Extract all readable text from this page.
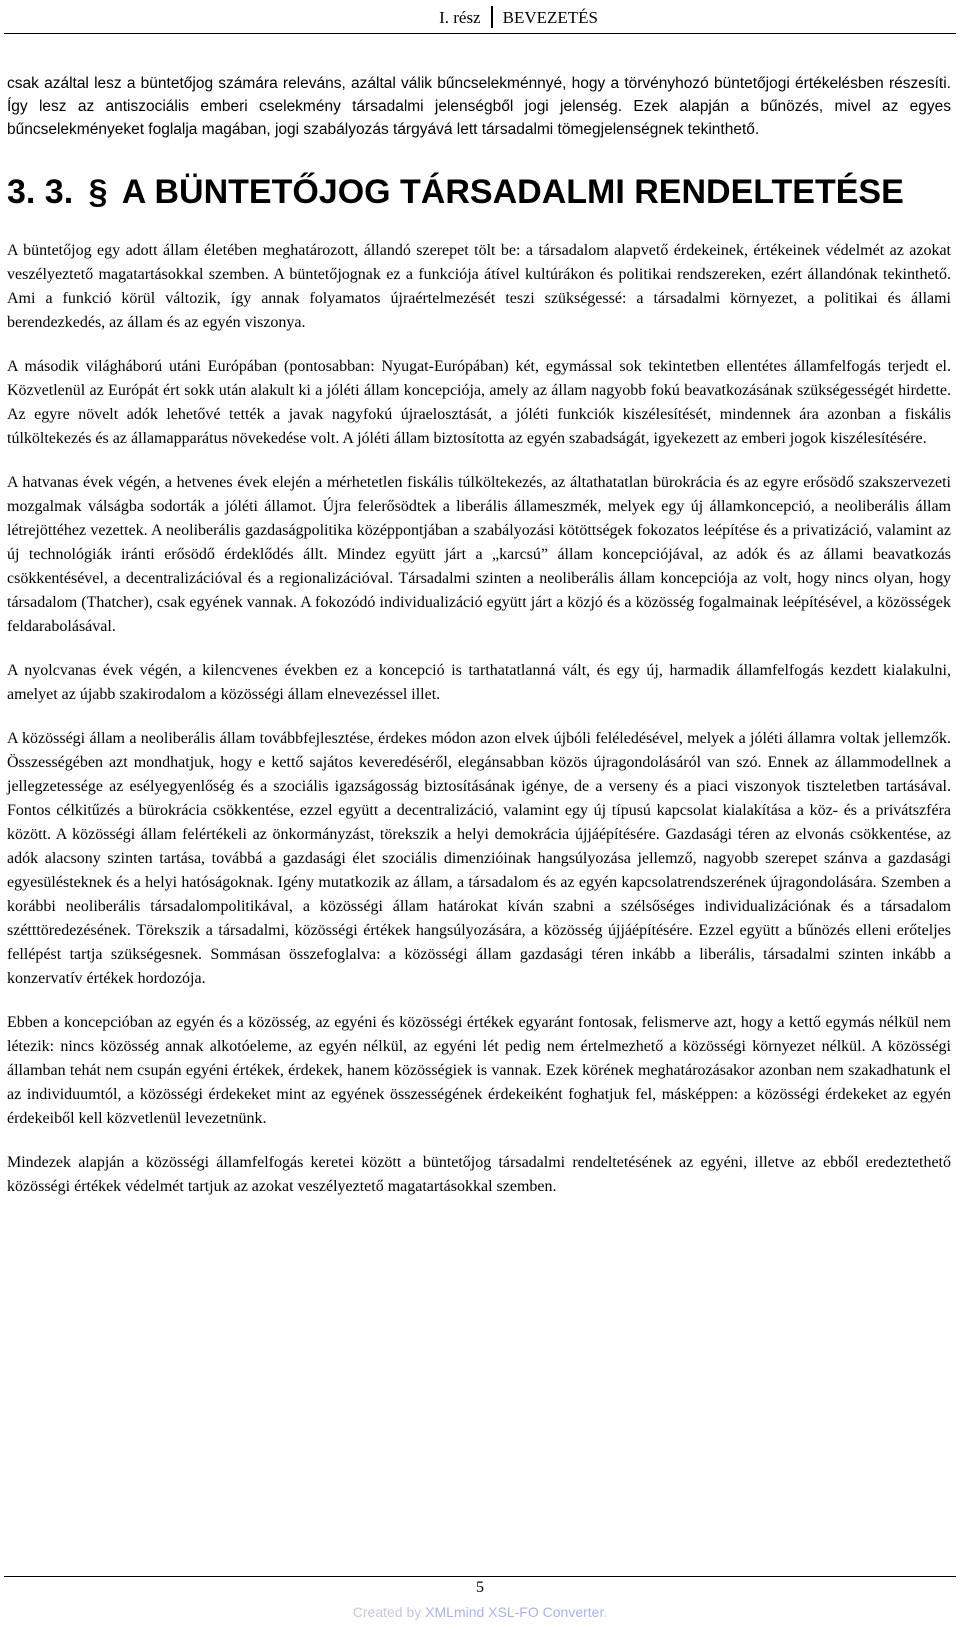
I. rész BEVEZETÉS

csak azáltal lesz a büntetőjog számára releváns, azáltal válik bűncselekménnyé, hogy a törvényhozó büntetőjogi értékelésben részesíti. Így lesz az antiszociális emberi cselekmény társadalmi jelenségből jogi jelenség. Ezek alapján a bűnözés, mivel az egyes bűncselekményeket foglalja magában, jogi szabályozás tárgyává lett társadalmi tömegjelenségnek tekinthető.

3. 3. § A BÜNTETŐJOG TÁRSADALMI RENDELTETÉSE

A büntetőjog egy adott állam életében meghatározott, állandó szerepet tölt be: a társadalom alapvető érdekeinek, értékeinek védelmét az azokat veszélyeztető magatartásokkal szemben. A büntetőjognak ez a funkciója átível kultúrákon és politikai rendszereken, ezért állandónak tekinthető. Ami a funkció körül változik, így annak folyamatos újraértelmezését teszi szükségessé: a társadalmi környezet, a politikai és állami berendezkedés, az állam és az egyén viszonya.

A második világháború utáni Európában (pontosabban: Nyugat-Európában) két, egymással sok tekintetben ellentétes államfelfogás terjedt el. Közvetlenül az Európát ért sokk után alakult ki a jóléti állam koncepciója, amely az állam nagyobb fokú beavatkozásának szükségességét hirdette. Az egyre növelt adók lehetővé tették a javak nagyfokú újraelosztását, a jóléti funkciók kiszélesítését, mindennek ára azonban a fiskális túlköltekezés és az államapparátus növekedése volt. A jóléti állam biztosította az egyén szabadságát, igyekezett az emberi jogok kiszélesítésére.

A hatvanas évek végén, a hetvenes évek elején a mérhetetlen fiskális túlköltekezés, az áltathatatlan bürokrácia és az egyre erősödő szakszervezeti mozgalmak válságba sodorták a jóléti államot. Újra felerősödtek a liberális állameszmék, melyek egy új államkoncepció, a neoliberális állam létrejöttéhez vezettek. A neoliberális gazdaságpolitika középpontjában a szabályozási kötöttségek fokozatos leépítése és a privatizáció, valamint az új technológiák iránti erősödő érdeklődés állt. Mindez együtt járt a „karcsú” állam koncepciójával, az adók és az állami beavatkozás csökkentésével, a decentralizációval és a regionalizációval. Társadalmi szinten a neoliberális állam koncepciója az volt, hogy nincs olyan, hogy társadalom (Thatcher), csak egyének vannak. A fokozódó individualizáció együtt járt a közjó és a közösség fogalmainak leépítésével, a közösségek feldarabolásával.

A nyolcvanas évek végén, a kilencvenes években ez a koncepció is tarthatatlanná vált, és egy új, harmadik államfelfogás kezdett kialakulni, amelyet az újabb szakirodalom a közösségi állam elnevezéssel illet.

A közösségi állam a neoliberális állam továbbfejlesztése, érdekes módon azon elvek újbóli feléledésével, melyek a jóléti államra voltak jellemzők. Összességében azt mondhatjuk, hogy e kettő sajátos keveredéséről, elegánsabban közös újragondolásáról van szó. Ennek az állammodellnek a jellegzetessége az esélyegyenlőség és a szociális igazságosság biztosításának igénye, de a verseny és a piaci viszonyok tiszteletben tartásával. Fontos célkitűzés a bürokrácia csökkentése, ezzel együtt a decentralizáció, valamint egy új típusú kapcsolat kialakítása a köz- és a privátszféra között. A közösségi állam felértékeli az önkormányzást, törekszik a helyi demokrácia újjáépítésére. Gazdasági téren az elvonás csökkentése, az adók alacsony szinten tartása, továbbá a gazdasági élet szociális dimenzióinak hangsúlyozása jellemző, nagyobb szerepet szánva a gazdasági egyesülésteknek és a helyi hatóságoknak. Igény mutatkozik az állam, a társadalom és az egyén kapcsolatrendszerének újragondolására. Szemben a korábbi neoliberális társadalompolitikával, a közösségi állam határokat kíván szabni a szélsőséges individualizációnak és a társadalom szétttöredezésének. Törekszik a társadalmi, közösségi értékek hangsúlyozására, a közösség újjáépítésére. Ezzel együtt a bűnözés elleni erőteljes fellépést tartja szükségesnek. Sommásan összefoglalva: a közösségi állam gazdasági téren inkább a liberális, társadalmi szinten inkább a konzervatív értékek hordozója.

Ebben a koncepcióban az egyén és a közösség, az egyéni és közösségi értékek egyaránt fontosak, felismerve azt, hogy a kettő egymás nélkül nem létezik: nincs közösség annak alkotóeleme, az egyén nélkül, az egyéni lét pedig nem értelmezhető a közösségi környezet nélkül. A közösségi államban tehát nem csupán egyéni értékek, érdekek, hanem közösségiek is vannak. Ezek körének meghatározásakor azonban nem szakadhatunk el az individuumtól, a közösségi érdekeket mint az egyének összességének érdekeiként foghatjuk fel, másképpen: a közösségi érdekeket az egyén érdekeiből kell közvetlenül levezetnünk.

Mindezek alapján a közösségi államfelfogás keretei között a büntetőjog társadalmi rendeltetésének az egyéni, illetve az ebből eredeztethető közösségi értékek védelmét tartjuk az azokat veszélyeztető magatartásokkal szemben.

5
Created by XMLmind XSL-FO Converter.
